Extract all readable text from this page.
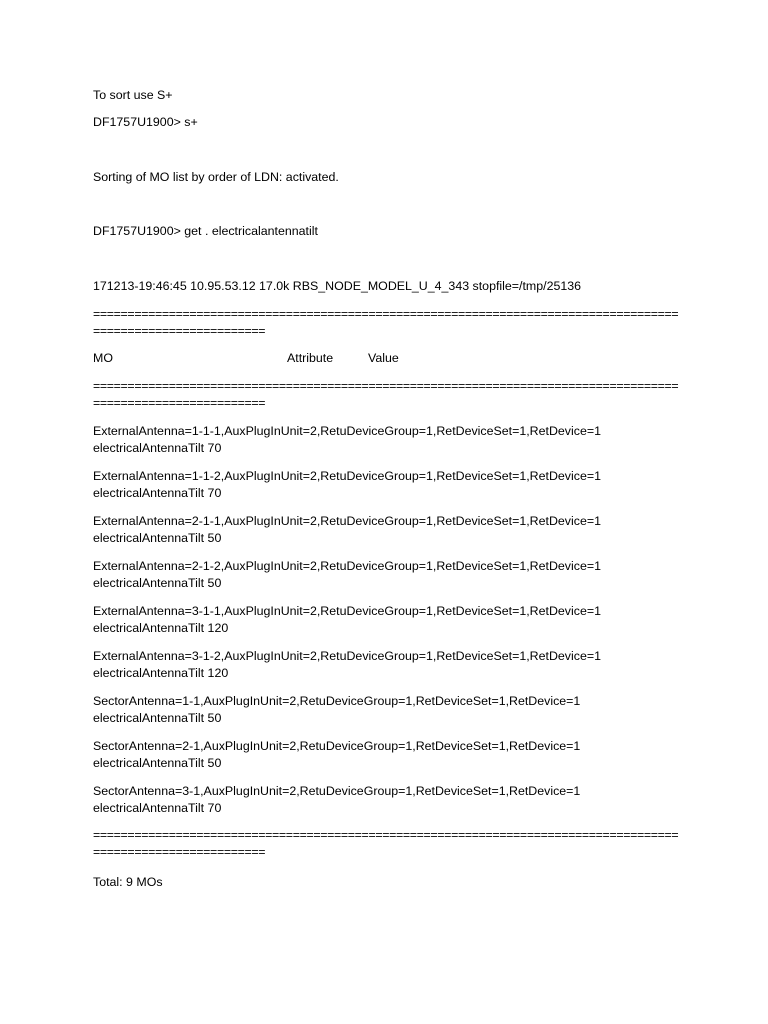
To sort use S+
DF1757U1900> s+
Sorting of MO list by order of LDN: activated.
DF1757U1900> get . electricalantennatilt
171213-19:46:45 10.95.53.12 17.0k RBS_NODE_MODEL_U_4_343 stopfile=/tmp/25136
==============================================================================================================
MO	Attribute	Value
==============================================================================================================
ExternalAntenna=1-1-1,AuxPlugInUnit=2,RetuDeviceGroup=1,RetDeviceSet=1,RetDevice=1
electricalAntennaTilt 70
ExternalAntenna=1-1-2,AuxPlugInUnit=2,RetuDeviceGroup=1,RetDeviceSet=1,RetDevice=1
electricalAntennaTilt 70
ExternalAntenna=2-1-1,AuxPlugInUnit=2,RetuDeviceGroup=1,RetDeviceSet=1,RetDevice=1
electricalAntennaTilt 50
ExternalAntenna=2-1-2,AuxPlugInUnit=2,RetuDeviceGroup=1,RetDeviceSet=1,RetDevice=1
electricalAntennaTilt 50
ExternalAntenna=3-1-1,AuxPlugInUnit=2,RetuDeviceGroup=1,RetDeviceSet=1,RetDevice=1
electricalAntennaTilt 120
ExternalAntenna=3-1-2,AuxPlugInUnit=2,RetuDeviceGroup=1,RetDeviceSet=1,RetDevice=1
electricalAntennaTilt 120
SectorAntenna=1-1,AuxPlugInUnit=2,RetuDeviceGroup=1,RetDeviceSet=1,RetDevice=1
electricalAntennaTilt 50
SectorAntenna=2-1,AuxPlugInUnit=2,RetuDeviceGroup=1,RetDeviceSet=1,RetDevice=1
electricalAntennaTilt 50
SectorAntenna=3-1,AuxPlugInUnit=2,RetuDeviceGroup=1,RetDeviceSet=1,RetDevice=1
electricalAntennaTilt 70
==============================================================================================================
Total: 9 MOs
